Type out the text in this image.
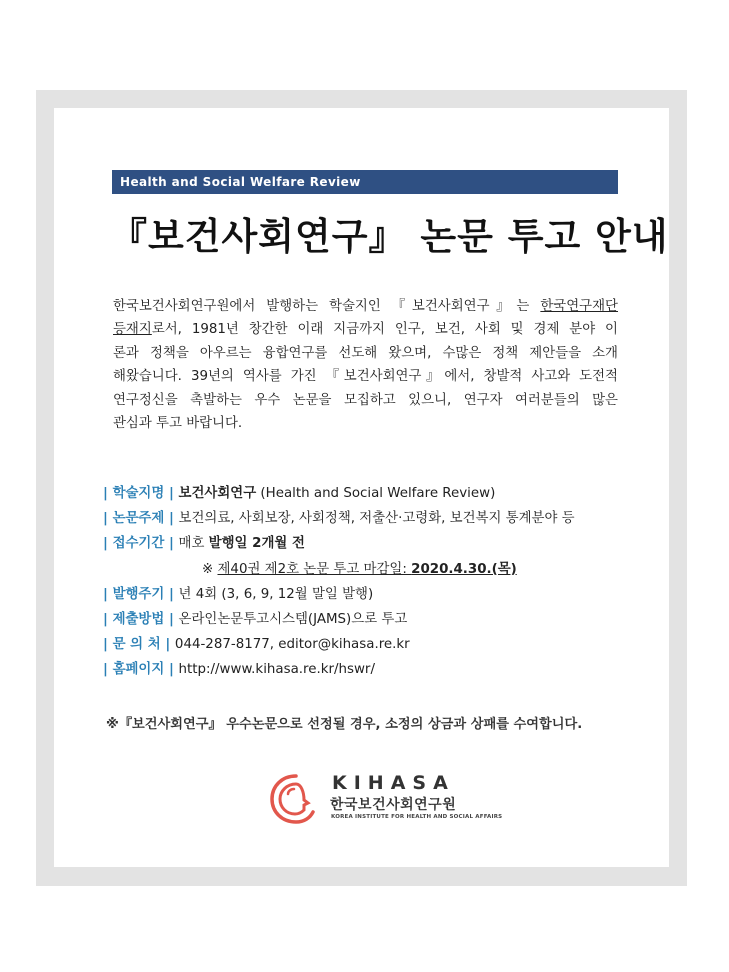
Health and Social Welfare Review
『보건사회연구』 논문 투고 안내

한국보건사회연구원에서 발행하는 학술지인 『보건사회연구』는 한국연구재단

등재지로서, 1981년 창간한 이래 지금까지 인구, 보건, 사회 및 경제 분야 이

론과 정책을 아우르는 융합연구를 선도해 왔으며, 수많은 정책 제안들을 소개

해왔습니다. 39년의 역사를 가진 『보건사회연구』에서, 창발적 사고와 도전적

연구정신을 촉발하는 우수 논문을 모집하고 있으니, 연구자 여러분들의 많은

관심과 투고 바랍니다.

| 학술지명 | 보건사회연구 (Health and Social Welfare Review)
| 논문주제 | 보건의료, 사회보장, 사회정책, 저출산·고령화, 보건복지 통계분야 등
| 접수기간 | 매호 발행일 2개월 전
※ 제40권 제2호 논문 투고 마감일: 2020.4.30.(목)
| 발행주기 | 년 4회 (3, 6, 9, 12월 말일 발행)
| 제출방법 | 온라인논문투고시스템(JAMS)으로 투고
| 문 의 처 | 044-287-8177, editor@kihasa.re.kr
| 홈페이지 | http://www.kihasa.re.kr/hswr/
※『보건사회연구』 우수논문으로 선정될 경우, 소정의 상금과 상패를 수여합니다.
KIHASA
한국보건사회연구원
KOREA INSTITUTE FOR HEALTH AND SOCIAL AFFAIRS
